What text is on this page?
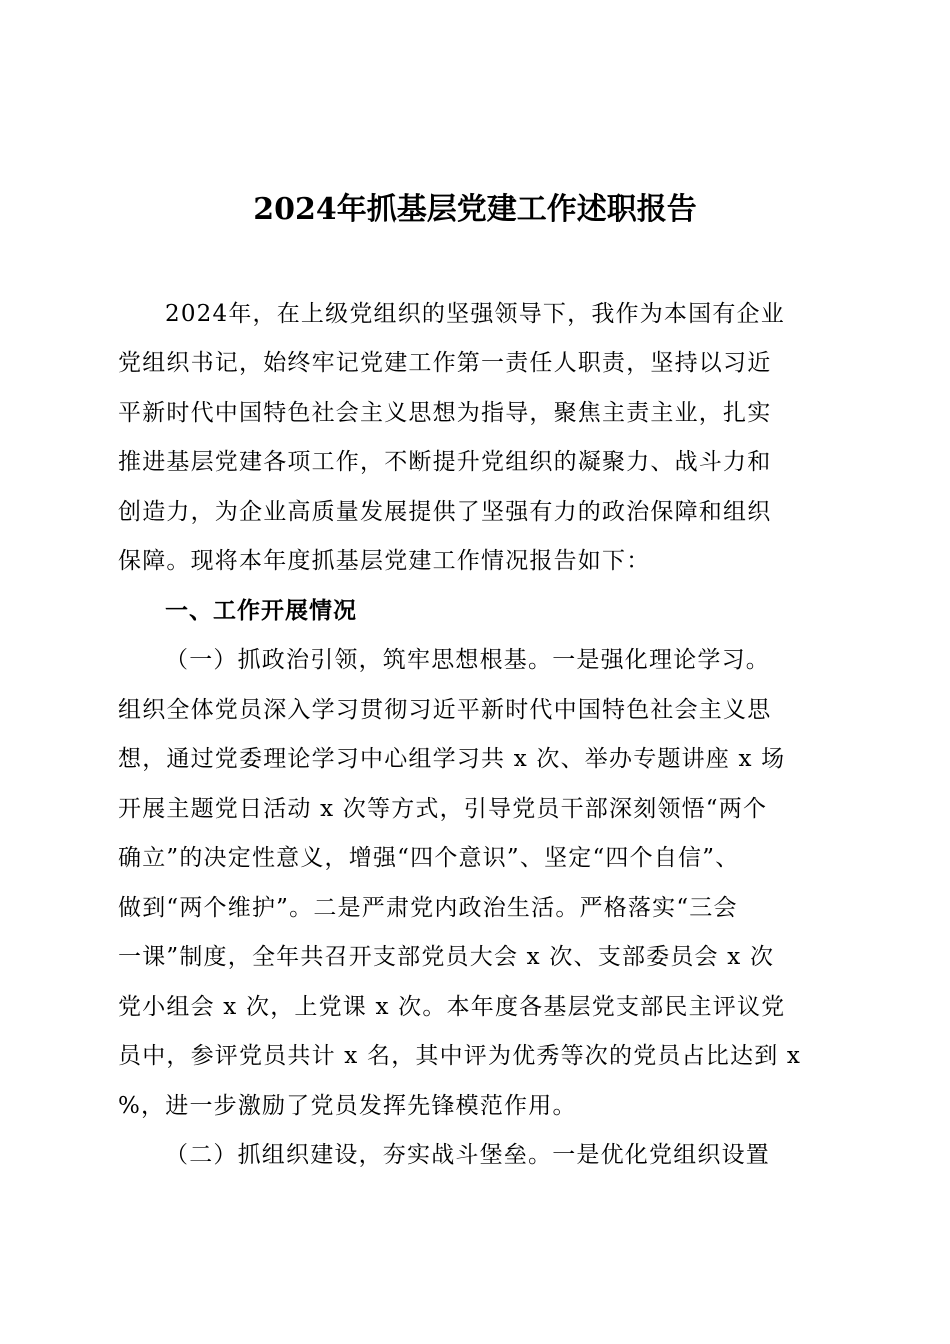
2024年抓基层党建工作述职报告

2024年，在上级党组织的坚强领导下，我作为本国有企业

党组织书记，始终牢记党建工作第一责任人职责，坚持以习近

平新时代中国特色社会主义思想为指导，聚焦主责主业，扎实

推进基层党建各项工作，不断提升党组织的凝聚力、战斗力和

创造力，为企业高质量发展提供了坚强有力的政治保障和组织

保障。现将本年度抓基层党建工作情况报告如下：

一、工作开展情况

（一）抓政治引领，筑牢思想根基。一是强化理论学习。

组织全体党员深入学习贯彻习近平新时代中国特色社会主义思

想，通过党委理论学习中心组学习共 x 次、举办专题讲座 x 场

开展主题党日活动 x 次等方式，引导党员干部深刻领悟“两个

确立”的决定性意义，增强“四个意识”、坚定“四个自信”、

做到“两个维护”。二是严肃党内政治生活。严格落实“三会

一课”制度，全年共召开支部党员大会 x 次、支部委员会 x 次

党小组会 x 次，上党课 x 次。本年度各基层党支部民主评议党

员中，参评党员共计 x 名，其中评为优秀等次的党员占比达到 x

%，进一步激励了党员发挥先锋模范作用。

（二）抓组织建设，夯实战斗堡垒。一是优化党组织设置
